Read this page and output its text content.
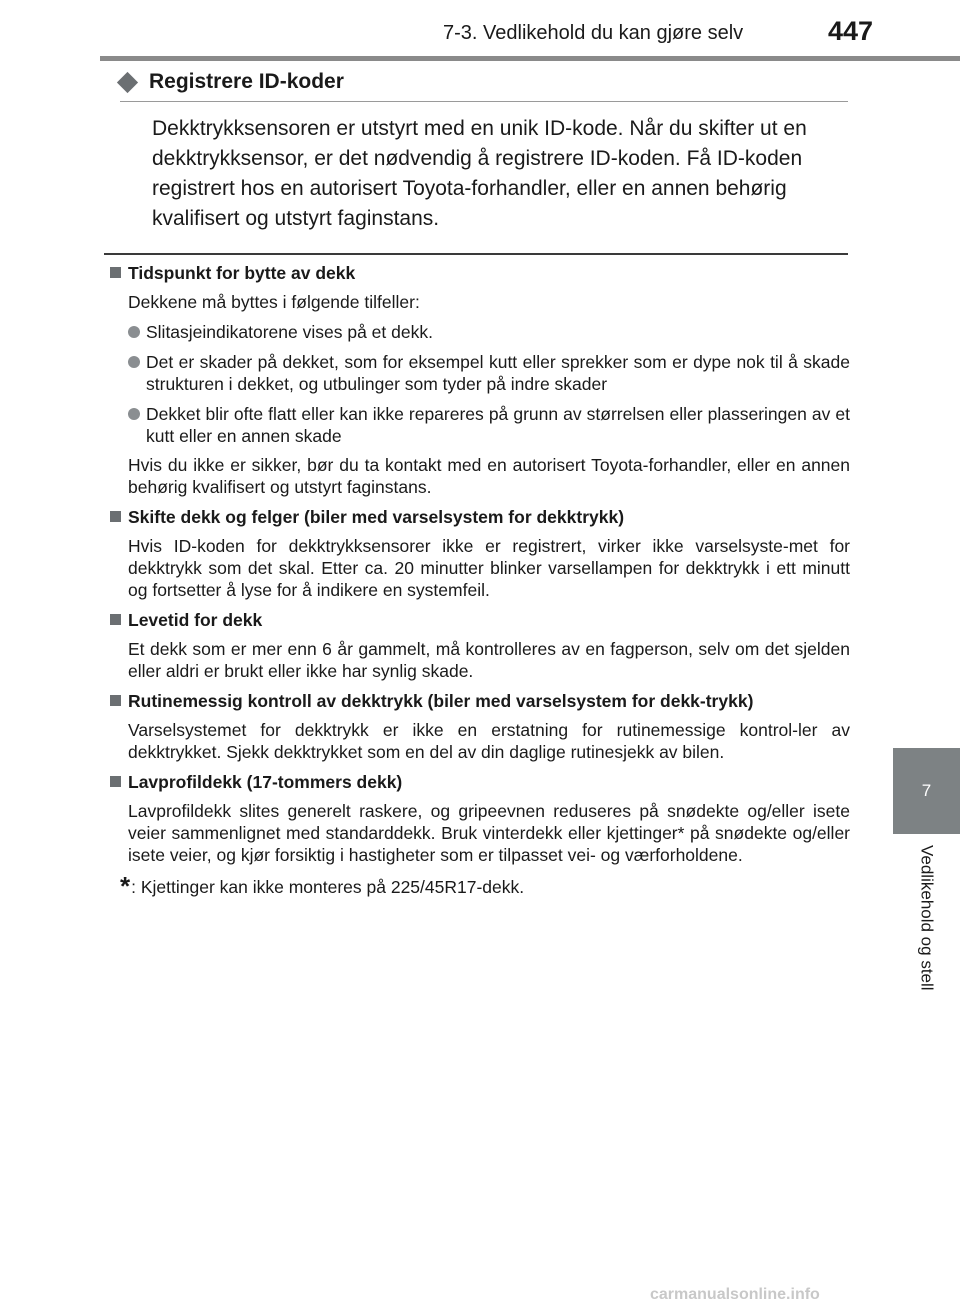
7-3. Vedlikehold du kan gjøre selv	447
7
Vedlikehold og stell
Registrere ID-koder
Dekktrykksensoren er utstyrt med en unik ID-kode. Når du skifter ut en dekktrykksensor, er det nødvendig å registrere ID-koden. Få ID-koden registrert hos en autorisert Toyota-forhandler, eller en annen behørig kvalifisert og utstyrt faginstans.
Tidspunkt for bytte av dekk
Dekkene må byttes i følgende tilfeller:
Slitasjeindikatorene vises på et dekk.
Det er skader på dekket, som for eksempel kutt eller sprekker som er dype nok til å skade strukturen i dekket, og utbulinger som tyder på indre skader
Dekket blir ofte flatt eller kan ikke repareres på grunn av størrelsen eller plasseringen av et kutt eller en annen skade
Hvis du ikke er sikker, bør du ta kontakt med en autorisert Toyota-forhandler, eller en annen behørig kvalifisert og utstyrt faginstans.
Skifte dekk og felger (biler med varselsystem for dekktrykk)
Hvis ID-koden for dekktrykksensorer ikke er registrert, virker ikke varselsyste-met for dekktrykk som det skal. Etter ca. 20 minutter blinker varsellampen for dekktrykk i ett minutt og fortsetter å lyse for å indikere en systemfeil.
Levetid for dekk
Et dekk som er mer enn 6 år gammelt, må kontrolleres av en fagperson, selv om det sjelden eller aldri er brukt eller ikke har synlig skade.
Rutinemessig kontroll av dekktrykk (biler med varselsystem for dekk-trykk)
Varselsystemet for dekktrykk er ikke en erstatning for rutinemessige kontrol-ler av dekktrykket. Sjekk dekktrykket som en del av din daglige rutinesjekk av bilen.
Lavprofildekk (17-tommers dekk)
Lavprofildekk slites generelt raskere, og gripeevnen reduseres på snødekte og/eller isete veier sammenlignet med standarddekk. Bruk vinterdekk eller kjettinger* på snødekte og/eller isete veier, og kjør forsiktig i hastigheter som er tilpasset vei- og værforholdene.
* : Kjettinger kan ikke monteres på 225/45R17-dekk.
carmanualsonline.info
